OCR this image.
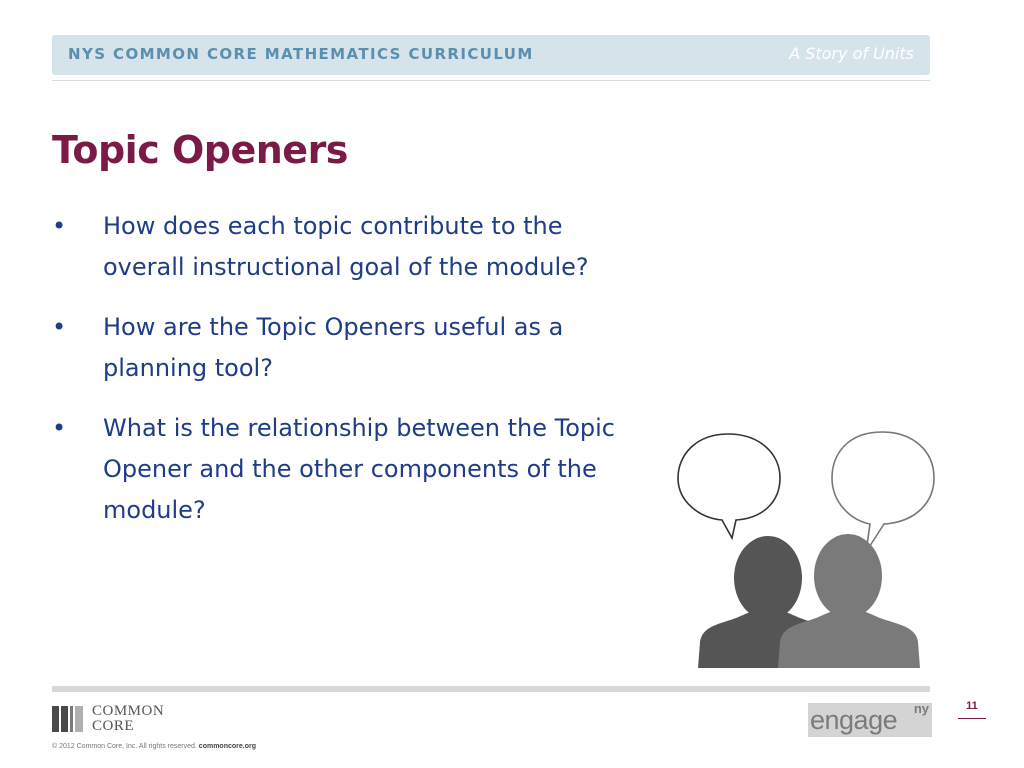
NYS COMMON CORE MATHEMATICS CURRICULUM	A Story of Units
Topic Openers
• How does each topic contribute to the overall instructional goal of the module?
• How are the Topic Openers useful as a planning tool?
• What is the relationship between the Topic Opener and the other components of the module?
COMMON
CORE
© 2012 Common Core, Inc. All rights reserved. commoncore.org
engage ny	11
